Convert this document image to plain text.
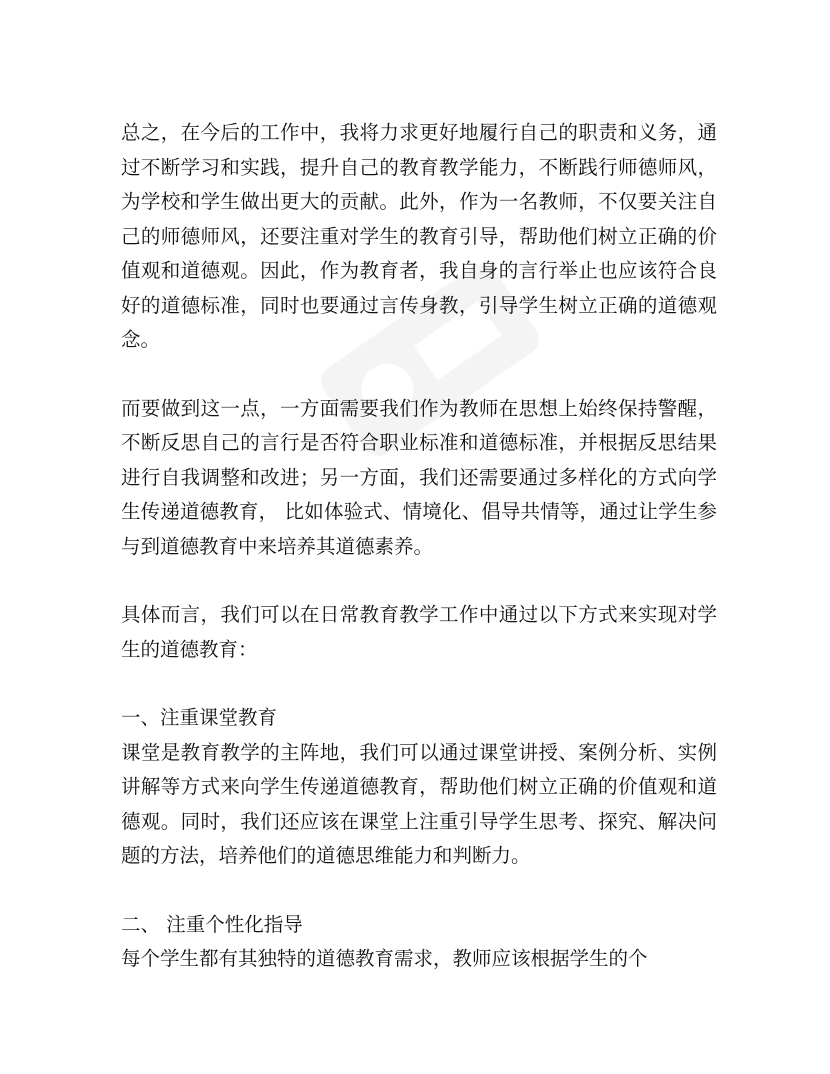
总之，在今后的工作中，我将力求更好地履行自己的职责和义务，通过不断学习和实践，提升自己的教育教学能力，不断践行师德师风，为学校和学生做出更大的贡献。此外，作为一名教师，不仅要关注自己的师德师风，还要注重对学生的教育引导，帮助他们树立正确的价值观和道德观。因此，作为教育者，我自身的言行举止也应该符合良好的道德标准，同时也要通过言传身教，引导学生树立正确的道德观念。

而要做到这一点，一方面需要我们作为教师在思想上始终保持警醒，不断反思自己的言行是否符合职业标准和道德标准，并根据反思结果进行自我调整和改进；另一方面，我们还需要通过多样化的方式向学生传递道德教育， 比如体验式、情境化、倡导共情等，通过让学生参与到道德教育中来培养其道德素养。

具体而言，我们可以在日常教育教学工作中通过以下方式来实现对学生的道德教育：

一、注重课堂教育

课堂是教育教学的主阵地，我们可以通过课堂讲授、案例分析、实例讲解等方式来向学生传递道德教育，帮助他们树立正确的价值观和道德观。同时，我们还应该在课堂上注重引导学生思考、探究、解决问题的方法，培养他们的道德思维能力和判断力。

二、 注重个性化指导

每个学生都有其独特的道德教育需求，教师应该根据学生的个
